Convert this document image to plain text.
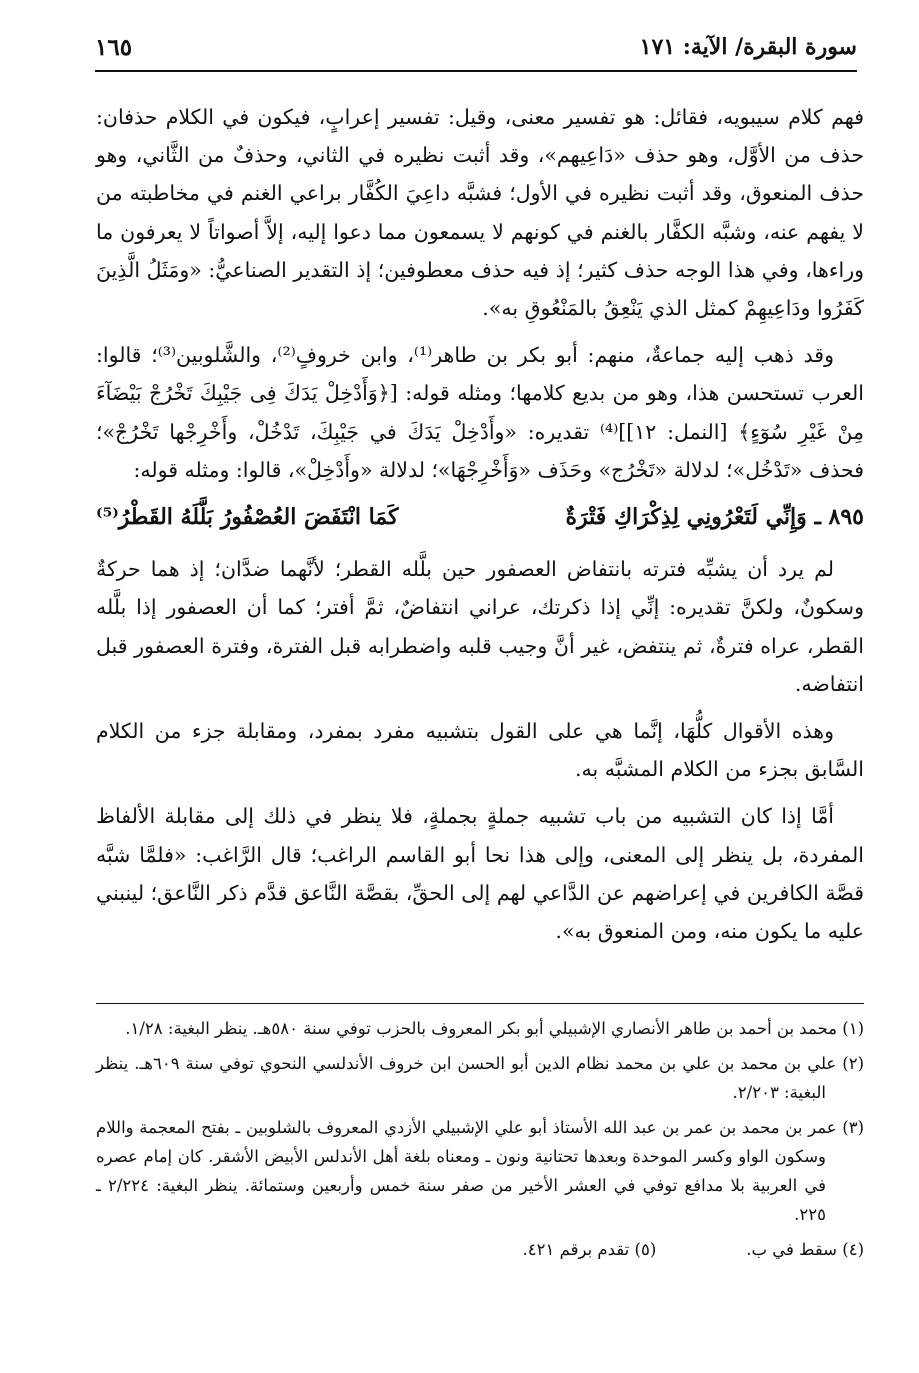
سورة البقرة/ الآية: ١٧١
١٦٥

فهم كلام سيبويه، فقائل: هو تفسير معنى، وقيل: تفسير إعرابٍ، فيكون في الكلام حذفان: حذف من الأوَّل، وهو حذف «دَاعِيهم»، وقد أثبت نظيره في الثاني، وحذفٌ من الثَّاني، وهو حذف المنعوق، وقد أثبت نظيره في الأول؛ فشبَّه داعِيَ الكُفَّار براعي الغنم في مخاطبته من لا يفهم عنه، وشبَّه الكفَّار بالغنم في كونهم لا يسمعون مما دعوا إليه، إلاَّ أصواتاً لا يعرفون ما وراءها، وفي هذا الوجه حذف كثير؛ إذ فيه حذف معطوفين؛ إذ التقدير الصناعيُّ: «ومَثَلُ الَّذِينَ كَفَرُوا ودَاعِيهِمْ كمثل الذي يَنْعِقُ بالمَنْعُوقِ به».

وقد ذهب إليه جماعةٌ، منهم: أبو بكر بن طاهر⁽¹⁾، وابن خروفٍ⁽²⁾، والشَّلوبين⁽³⁾؛ قالوا: العرب تستحسن هذا، وهو من بديع كلامها؛ ومثله قوله: [﴿وَأَدْخِلْ يَدَكَ فِى جَيْبِكَ تَخْرُجْ بَيْضَآءَ مِنْ غَيْرِ سُوٓءٍ﴾ [النمل: ١٢]]⁽⁴⁾ تقديره: «وأَدْخِلْ يَدَكَ في جَيْبِكَ، تَدْخُلْ، وأَخْرِجْها تَخْرُجْ»؛ فحذف «تَدْخُل»؛ لدلالة «تَخْرُج» وحَذَف «وَأَخْرِجْهَا»؛ لدلالة «وأَدْخِلْ»، قالوا: ومثله قوله:

٨٩٥ ـ وَإِنِّي لَتَعْرُونِي لِذِكْرَاكِ فَتْرَةٌ
كَمَا انْتَفَضَ العُصْفُورُ بَلَّلَهُ القَطْرُ⁽⁵⁾

لم يرد أن يشبِّه فترته بانتفاض العصفور حين بلَّله القطر؛ لأنَّهما ضدَّان؛ إذ هما حركةٌ وسكونٌ، ولكنَّ تقديره: إنِّي إذا ذكرتك، عراني انتفاضٌ، ثمَّ أفتر؛ كما أن العصفور إذا بلَّله القطر، عراه فترةٌ، ثم ينتفض، غير أنَّ وجيب قلبه واضطرابه قبل الفترة، وفترة العصفور قبل انتفاضه.

وهذه الأقوال كلُّهَا، إنَّما هي على القول بتشبيه مفرد بمفرد، ومقابلة جزء من الكلام السَّابق بجزء من الكلام المشبَّه به.

أمَّا إذا كان التشبيه من باب تشبيه جملةٍ بجملةٍ، فلا ينظر في ذلك إلى مقابلة الألفاظ المفردة، بل ينظر إلى المعنى، وإلى هذا نحا أبو القاسم الراغب؛ قال الرَّاغب: «فلمَّا شبَّه قصَّة الكافرين في إعراضهم عن الدَّاعي لهم إلى الحقِّ، بقصَّة النَّاعق قدَّم ذكر النَّاعق؛ لينبني عليه ما يكون منه، ومن المنعوق به».

(١) محمد بن أحمد بن طاهر الأنصاري الإشبيلي أبو بكر المعروف بالحزب توفي سنة ٥٨٠هـ. ينظر البغية: ١/٢٨.
(٢) علي بن محمد بن علي بن محمد نظام الدين أبو الحسن ابن خروف الأندلسي النحوي توفي سنة ٦٠٩هـ. ينظر البغية: ٢/٢٠٣.
(٣) عمر بن محمد بن عمر بن عبد الله الأستاذ أبو علي الإشبيلي الأزدي المعروف بالشلوبين ـ بفتح المعجمة واللام وسكون الواو وكسر الموحدة وبعدها تحتانية ونون ـ ومعناه بلغة أهل الأندلس الأبيض الأشقر. كان إمام عصره في العربية بلا مدافع توفي في العشر الأخير من صفر سنة خمس وأربعين وستمائة. ينظر البغية: ٢/٢٢٤ ـ ٢٢٥.
(٤) سقط في ب.
(٥) تقدم برقم ٤٢١.
